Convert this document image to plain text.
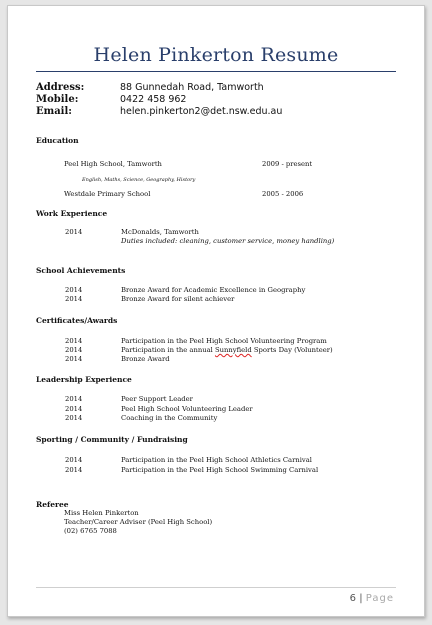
Helen Pinkerton Resume
Address:	88 Gunnedah Road, Tamworth
Mobile:	0422 458 962
Email:	helen.pinkerton2@det.nsw.edu.au
Education
Peel High School, Tamworth	2009 - present
English, Maths, Science, Geography, History
Westdale Primary School	2005 - 2006
Work Experience
2014	McDonalds, Tamworth
Duties included: cleaning, customer service, money handling)
School Achievements
2014	Bronze Award for Academic Excellence in Geography
2014	Bronze Award for silent achiever
Certificates/Awards
2014	Participation in the Peel High School Volunteering Program
2014	Participation in the annual Sunnyfield Sports Day (Volunteer)
2014	Bronze Award
Leadership Experience
2014	Peer Support Leader
2014	Peel High School Volunteering Leader
2014	Coaching in the Community
Sporting / Community / Fundraising
2014	Participation in the Peel High School Athletics Carnival
2014	Participation in the Peel High School Swimming Carnival
Referee
Miss Helen Pinkerton
Teacher/Career Adviser (Peel High School)
(02) 6765 7088
6 | Page
